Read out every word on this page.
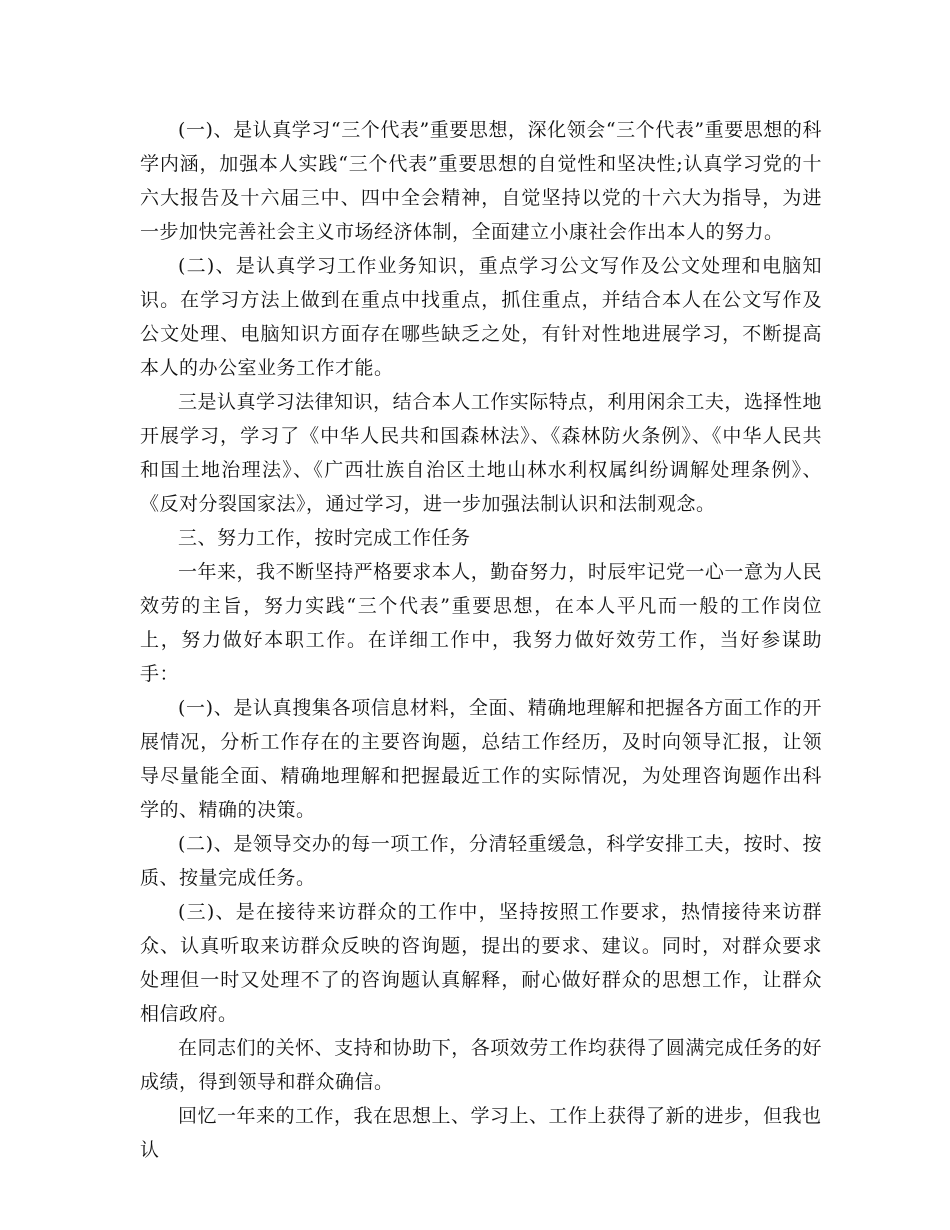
(一)、是认真学习“三个代表”重要思想，深化领会“三个代表”重要思想的科学内涵，加强本人实践“三个代表”重要思想的自觉性和坚决性;认真学习党的十六大报告及十六届三中、四中全会精神，自觉坚持以党的十六大为指导，为进一步加快完善社会主义市场经济体制，全面建立小康社会作出本人的努力。

(二)、是认真学习工作业务知识，重点学习公文写作及公文处理和电脑知识。在学习方法上做到在重点中找重点，抓住重点，并结合本人在公文写作及公文处理、电脑知识方面存在哪些缺乏之处，有针对性地进展学习，不断提高本人的办公室业务工作才能。

三是认真学习法律知识，结合本人工作实际特点，利用闲余工夫，选择性地开展学习，学习了《中华人民共和国森林法》、《森林防火条例》、《中华人民共和国土地治理法》、《广西壮族自治区土地山林水利权属纠纷调解处理条例》、《反对分裂国家法》，通过学习，进一步加强法制认识和法制观念。

三、努力工作，按时完成工作任务

一年来，我不断坚持严格要求本人，勤奋努力，时辰牢记党一心一意为人民效劳的主旨，努力实践“三个代表”重要思想，在本人平凡而一般的工作岗位上，努力做好本职工作。在详细工作中，我努力做好效劳工作，当好参谋助手：

(一)、是认真搜集各项信息材料，全面、精确地理解和把握各方面工作的开展情况，分析工作存在的主要咨询题，总结工作经历，及时向领导汇报，让领导尽量能全面、精确地理解和把握最近工作的实际情况，为处理咨询题作出科学的、精确的决策。

(二)、是领导交办的每一项工作，分清轻重缓急，科学安排工夫，按时、按质、按量完成任务。

(三)、是在接待来访群众的工作中，坚持按照工作要求，热情接待来访群众、认真听取来访群众反映的咨询题，提出的要求、建议。同时，对群众要求处理但一时又处理不了的咨询题认真解释，耐心做好群众的思想工作，让群众相信政府。

在同志们的关怀、支持和协助下，各项效劳工作均获得了圆满完成任务的好成绩，得到领导和群众确信。

回忆一年来的工作，我在思想上、学习上、工作上获得了新的进步，但我也认
